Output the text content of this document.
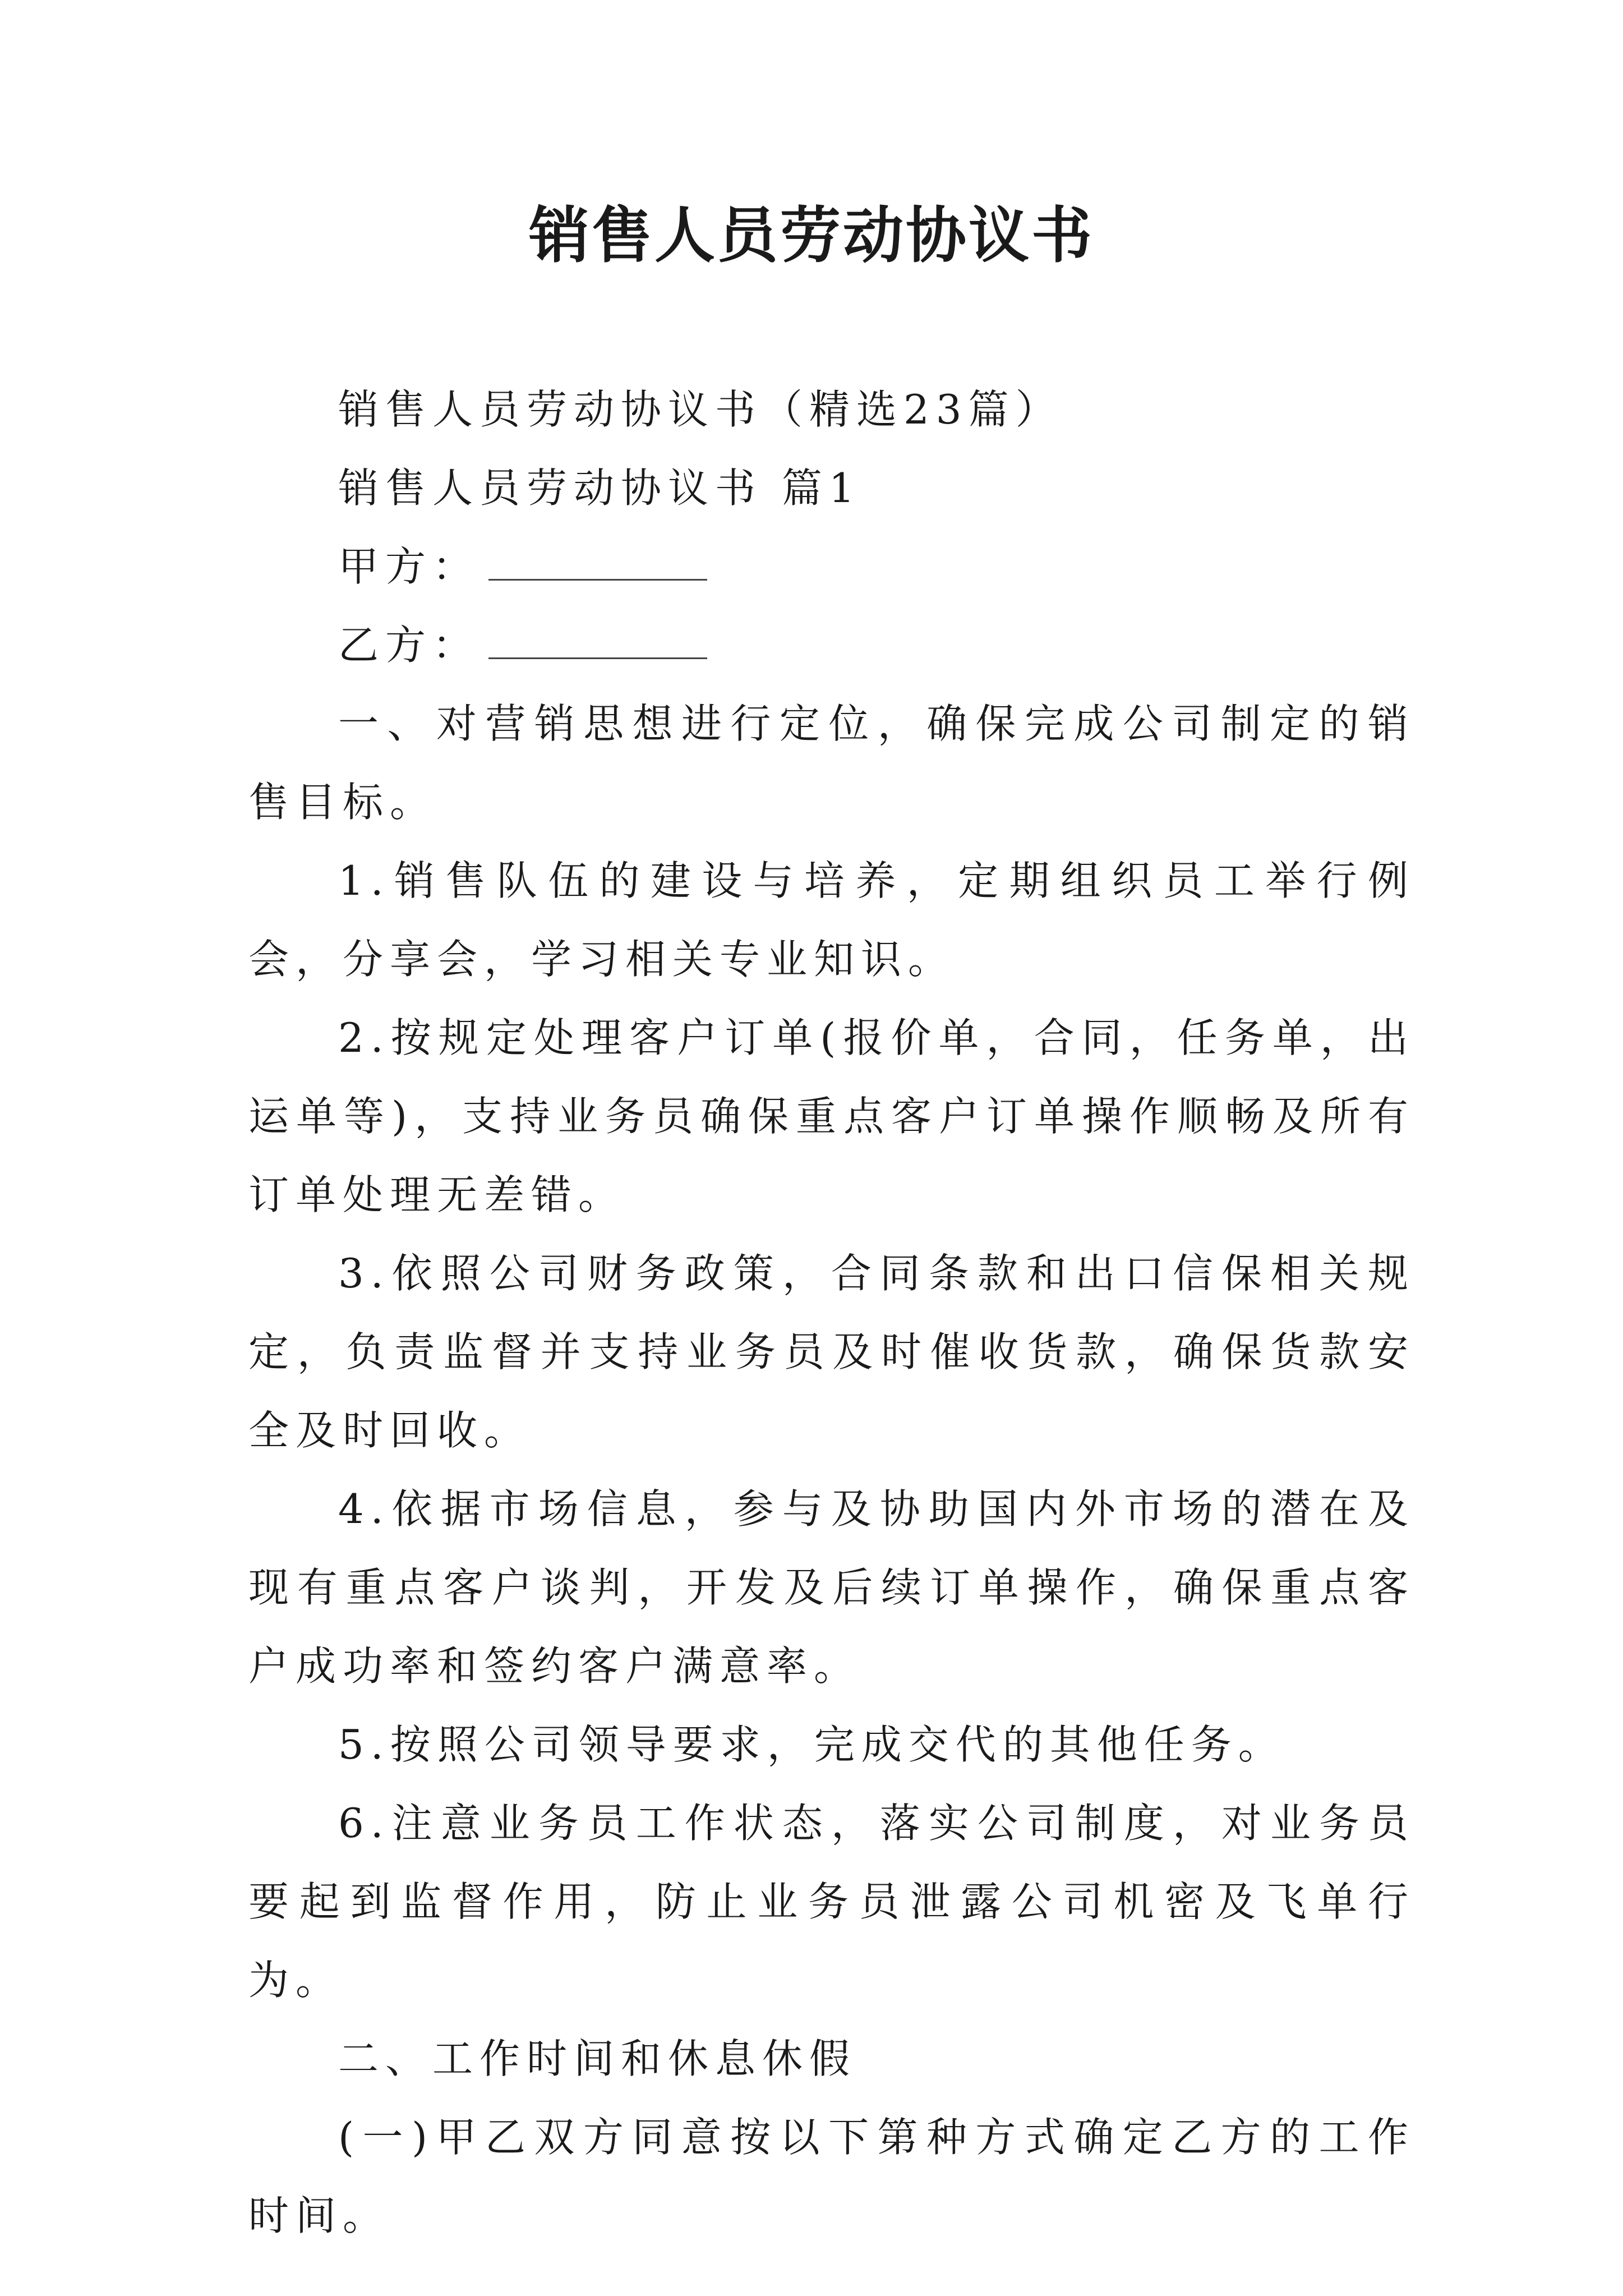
销售人员劳动协议书

销售人员劳动协议书（精选23篇）

销售人员劳动协议书 篇1

甲方：

乙方：

一、对营销思想进行定位，确保完成公司制定的销售目标。

1.销售队伍的建设与培养，定期组织员工举行例会，分享会，学习相关专业知识。

2.按规定处理客户订单(报价单，合同，任务单，出运单等)，支持业务员确保重点客户订单操作顺畅及所有订单处理无差错。

3.依照公司财务政策，合同条款和出口信保相关规定，负责监督并支持业务员及时催收货款，确保货款安全及时回收。

4.依据市场信息，参与及协助国内外市场的潜在及现有重点客户谈判，开发及后续订单操作，确保重点客户成功率和签约客户满意率。

5.按照公司领导要求，完成交代的其他任务。

6.注意业务员工作状态，落实公司制度，对业务员要起到监督作用，防止业务员泄露公司机密及飞单行为。

二、工作时间和休息休假

(一)甲乙双方同意按以下第种方式确定乙方的工作时间。
